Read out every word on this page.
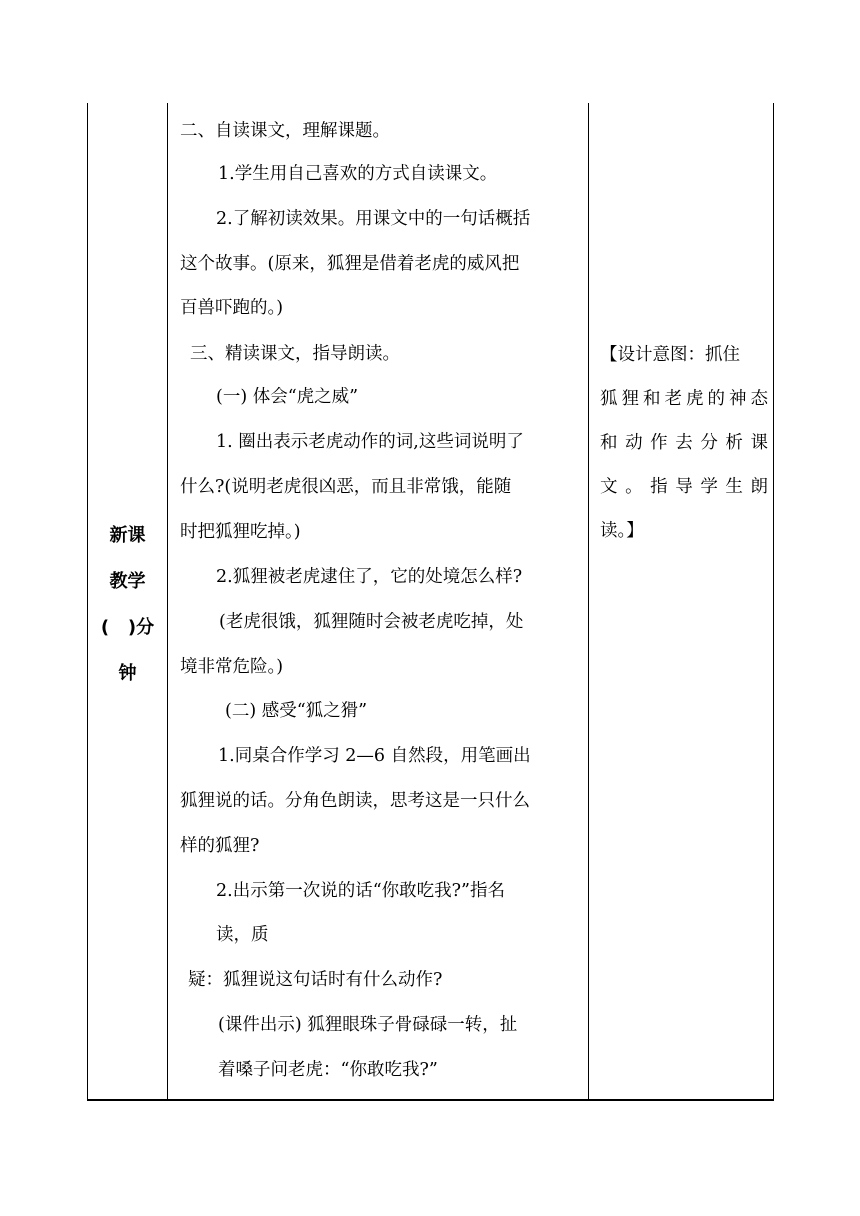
新课
教学
(   )分
钟
二、自读课文，理解课题。
1.学生用自己喜欢的方式自读课文。
2.了解初读效果。用课文中的一句话概括
这个故事。(原来，狐狸是借着老虎的威风把
百兽吓跑的。)
三、精读课文，指导朗读。
(一) 体会“虎之威”
1. 圈出表示老虎动作的词,这些词说明了
什么?(说明老虎很凶恶，而且非常饿，能随
时把狐狸吃掉。)
2.狐狸被老虎逮住了，它的处境怎么样?
(老虎很饿，狐狸随时会被老虎吃掉，处
境非常危险。)
(二) 感受“狐之猾”
1.同桌合作学习 2—6 自然段，用笔画出
狐狸说的话。分角色朗读，思考这是一只什么
样的狐狸?
2.出示第一次说的话“你敢吃我?”指名
读，质
疑：狐狸说这句话时有什么动作?
(课件出示) 狐狸眼珠子骨碌碌一转，扯
着嗓子问老虎：“你敢吃我?”
【设计意图：抓住
狐狸和老虎的神态
和动作去分析课
文。指导学生朗
读。】
